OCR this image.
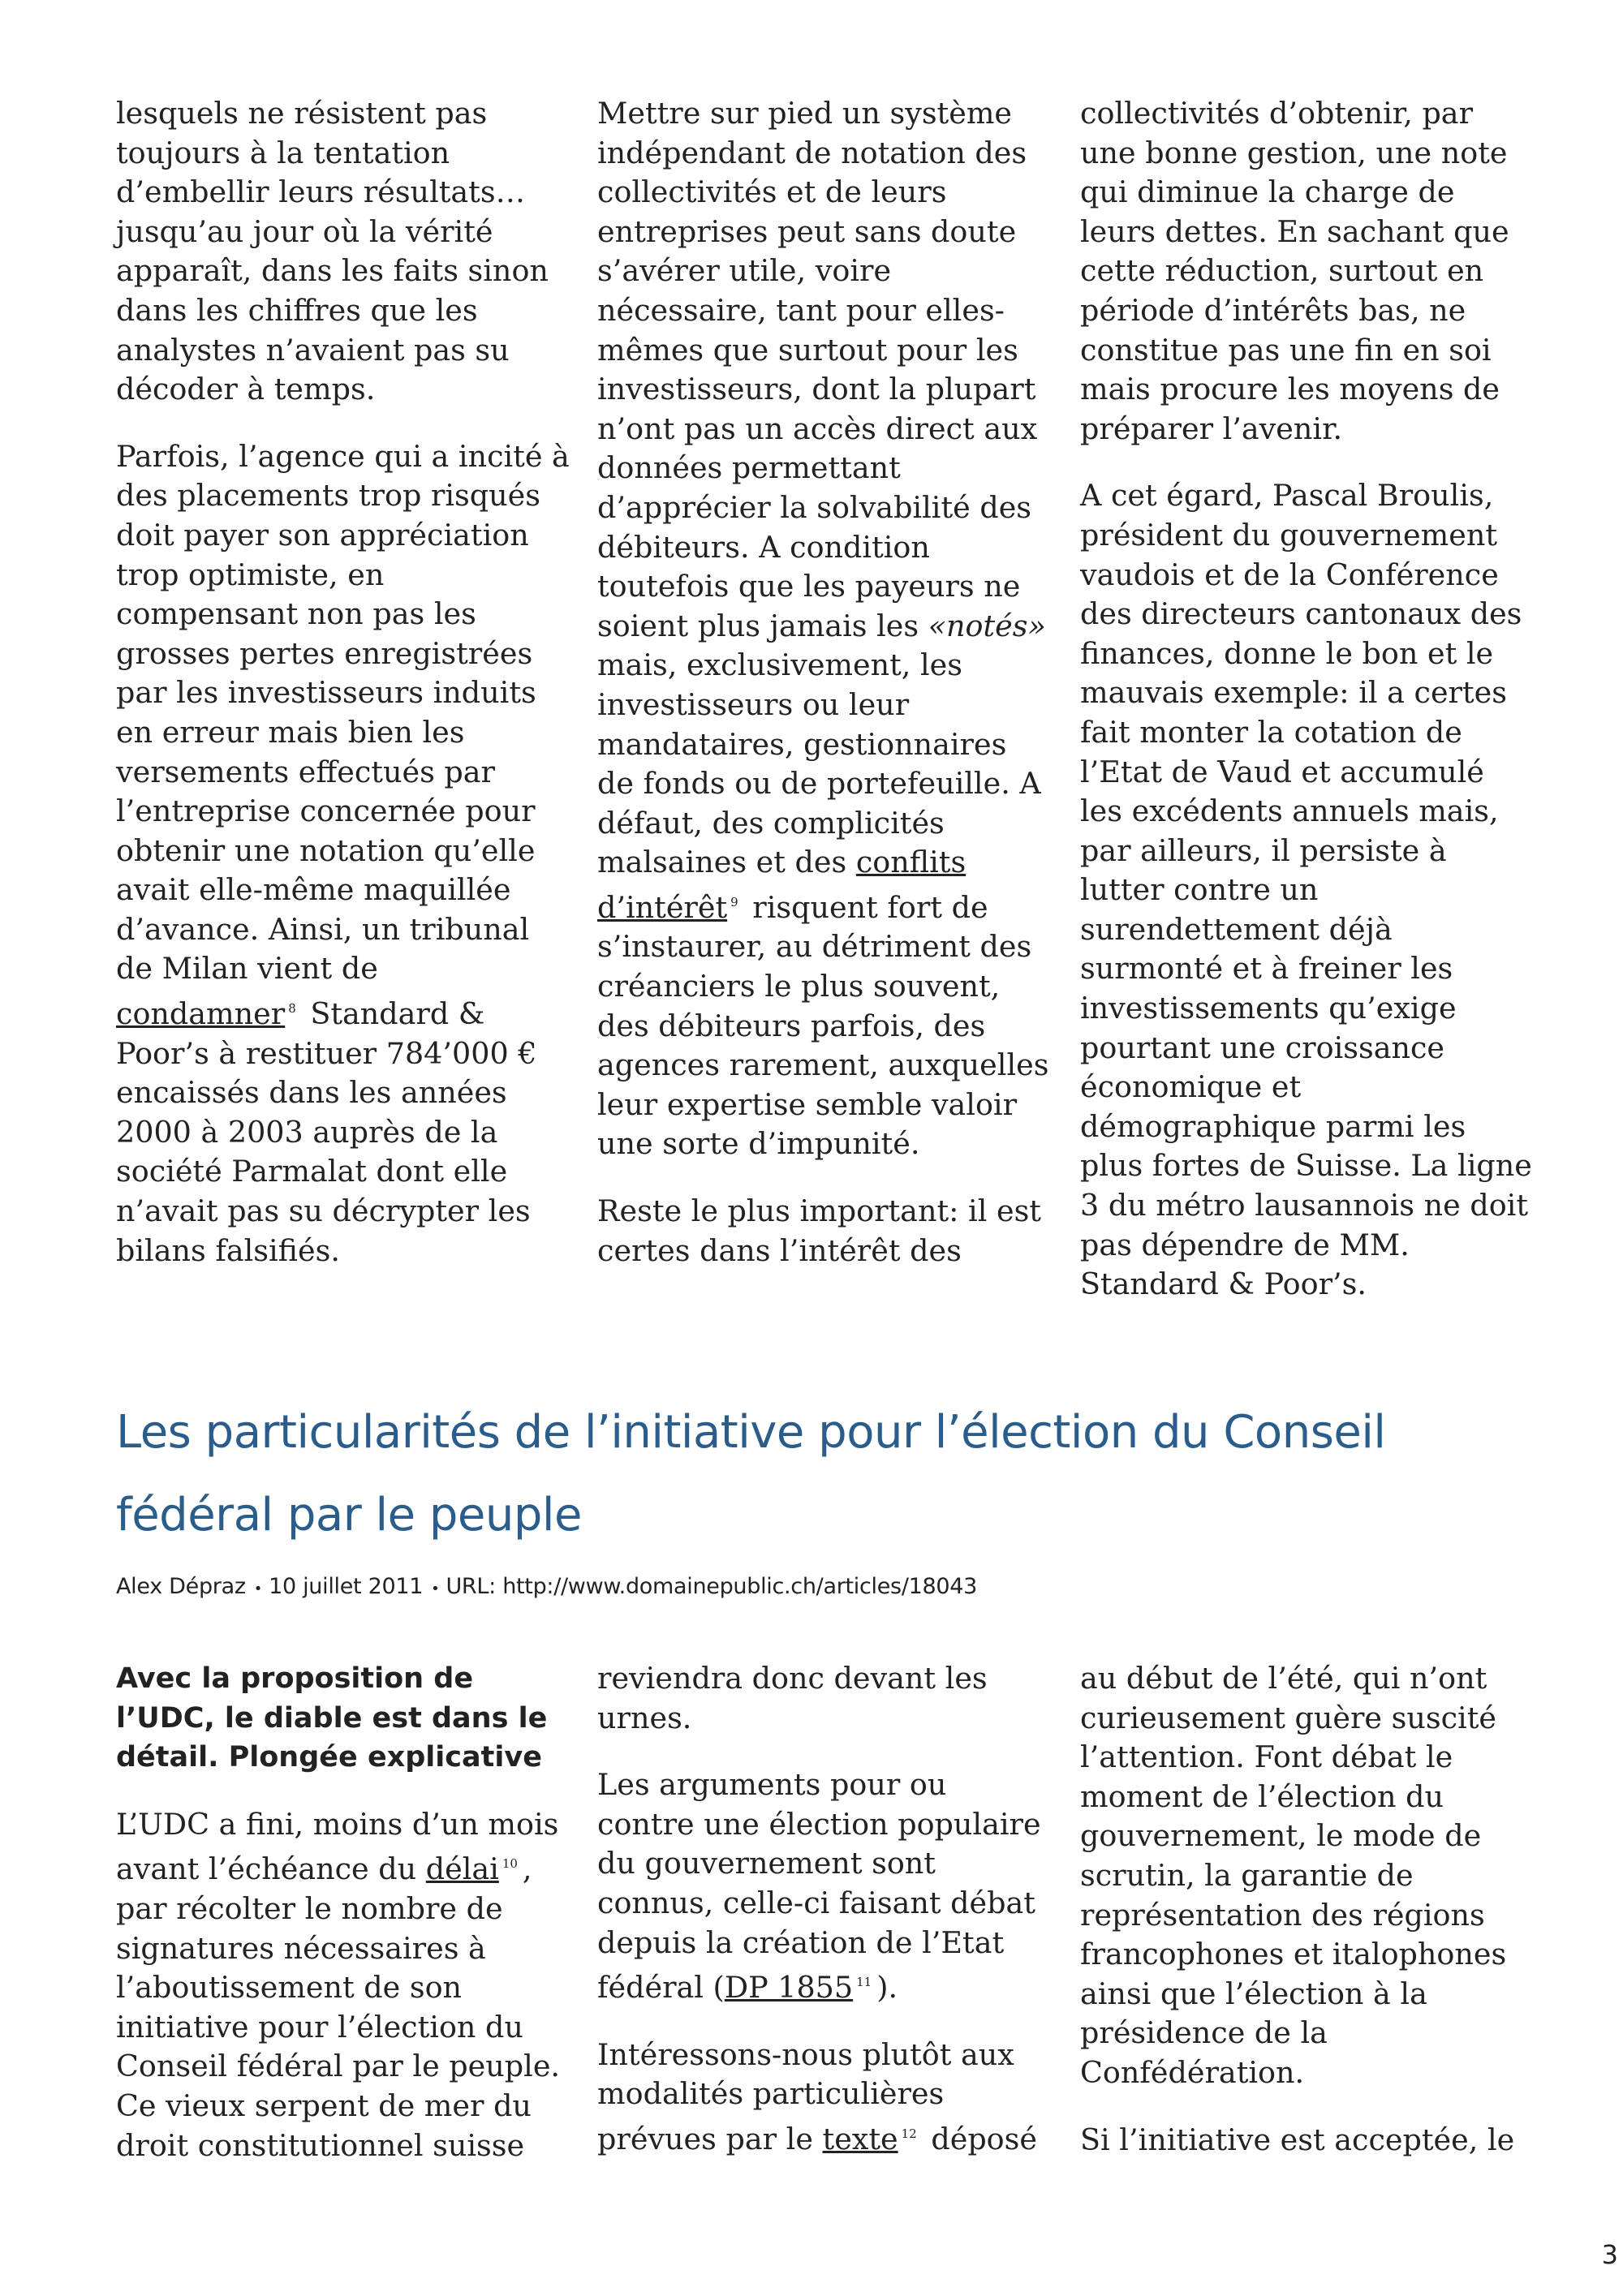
lesquels ne résistent pas toujours à la tentation d’embellir leurs résultats… jusqu’au jour où la vérité apparaît, dans les faits sinon dans les chiffres que les analystes n’avaient pas su décoder à temps.

Parfois, l’agence qui a incité à des placements trop risqués doit payer son appréciation trop optimiste, en compensant non pas les grosses pertes enregistrées par les investisseurs induits en erreur mais bien les versements effectués par l’entreprise concernée pour obtenir une notation qu’elle avait elle-même maquillée d’avance. Ainsi, un tribunal de Milan vient de condamner $^8$ Standard & Poor’s à restituer 784’000 € encaissés dans les années 2000 à 2003 auprès de la société Parmalat dont elle n’avait pas su décrypter les bilans falsifiés.

Mettre sur pied un système indépendant de notation des collectivités et de leurs entreprises peut sans doute s’avérer utile, voire nécessaire, tant pour elles-mêmes que surtout pour les investisseurs, dont la plupart n’ont pas un accès direct aux données permettant d’apprécier la solvabilité des débiteurs. A condition toutefois que les payeurs ne soient plus jamais les «notés» mais, exclusivement, les investisseurs ou leur mandataires, gestionnaires de fonds ou de portefeuille. A défaut, des complicités malsaines et des conflits d’intérêt $^9$ risquent fort de s’instaurer, au détriment des créanciers le plus souvent, des débiteurs parfois, des agences rarement, auxquelles leur expertise semble valoir une sorte d’impunité.

Reste le plus important: il est certes dans l’intérêt des

collectivités d’obtenir, par une bonne gestion, une note qui diminue la charge de leurs dettes. En sachant que cette réduction, surtout en période d’intérêts bas, ne constitue pas une fin en soi mais procure les moyens de préparer l’avenir.

A cet égard, Pascal Broulis, président du gouvernement vaudois et de la Conférence des directeurs cantonaux des finances, donne le bon et le mauvais exemple: il a certes fait monter la cotation de l’Etat de Vaud et accumulé les excédents annuels mais, par ailleurs, il persiste à lutter contre un surendettement déjà surmonté et à freiner les investissements qu’exige pourtant une croissance économique et démographique parmi les plus fortes de Suisse. La ligne 3 du métro lausannois ne doit pas dépendre de MM. Standard & Poor’s.

Les particularités de l’initiative pour l’élection du Conseil fédéral par le peuple
Alex Dépraz • 10 juillet 2011 • URL: http://www.domainepublic.ch/articles/18043

Avec la proposition de l’UDC, le diable est dans le détail. Plongée explicative

L’UDC a fini, moins d’un mois avant l’échéance du délai $^{10}$ , par récolter le nombre de signatures nécessaires à l’aboutissement de son initiative pour l’élection du Conseil fédéral par le peuple. Ce vieux serpent de mer du droit constitutionnel suisse

reviendra donc devant les urnes.

Les arguments pour ou contre une élection populaire du gouvernement sont connus, celle-ci faisant débat depuis la création de l’Etat fédéral (DP 1855 $^{11}$ ).

Intéressons-nous plutôt aux modalités particulières prévues par le texte $^{12}$ déposé

au début de l’été, qui n’ont curieusement guère suscité l’attention. Font débat le moment de l’élection du gouvernement, le mode de scrutin, la garantie de représentation des régions francophones et italophones ainsi que l’élection à la présidence de la Confédération.

Si l’initiative est acceptée, le

3
